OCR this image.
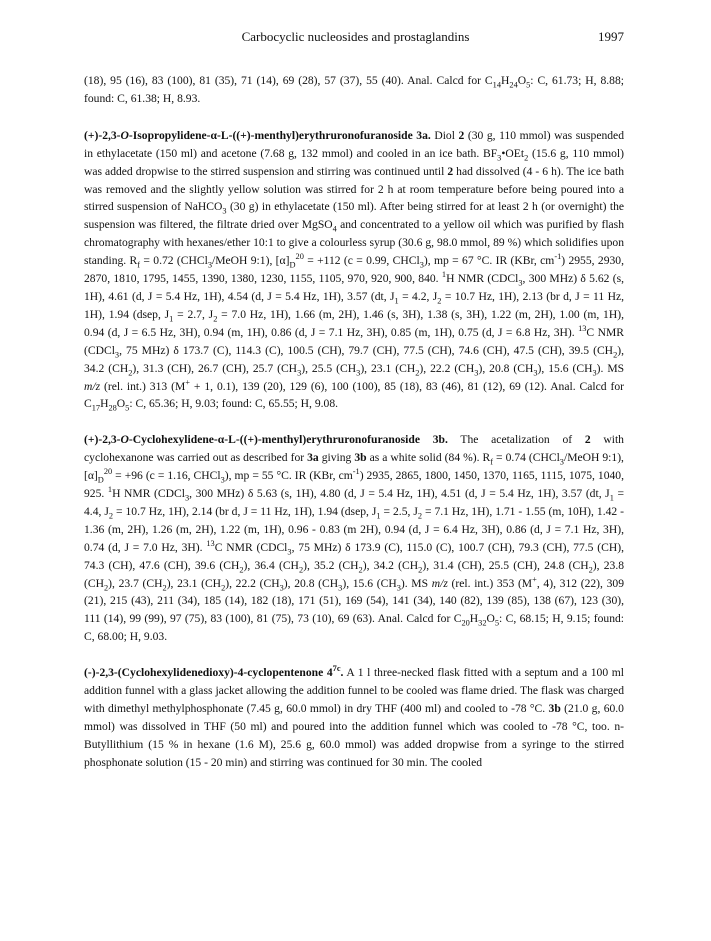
Carbocyclic nucleosides and prostaglandins	1997

(18), 95 (16), 83 (100), 81 (35), 71 (14), 69 (28), 57 (37), 55 (40). Anal. Calcd for $C_{14}H_{24}O_5$: C, 61.73; H, 8.88; found: C, 61.38; H, 8.93.

(+)-2,3-O-Isopropylidene-α-L-((+)-menthyl)erythruronofuranoside 3a. Diol 2 (30 g, 110 mmol) was suspended in ethylacetate (150 ml) and acetone (7.68 g, 132 mmol) and cooled in an ice bath. $BF_3•OEt_2$ (15.6 g, 110 mmol) was added dropwise to the stirred suspension and stirring was continued until 2 had dissolved (4 - 6 h). The ice bath was removed and the slightly yellow solution was stirred for 2 h at room temperature before being poured into a stirred suspension of NaHCO$_3$ (30 g) in ethylacetate (150 ml). After being stirred for at least 2 h (or overnight) the suspension was filtered, the filtrate dried over MgSO$_4$ and concentrated to a yellow oil which was purified by flash chromatography with hexanes/ether 10:1 to give a colourless syrup (30.6 g, 98.0 mmol, 89 %) which solidifies upon standing. $R_f = 0.72$ (CHCl$_3$/MeOH 9:1), $[\alpha]_D^{20} = +112$ (c = 0.99, CHCl$_3$), mp = 67 °C. IR (KBr, $cm^{-1}$) 2955, 2930, 2870, 1810, 1795, 1455, 1390, 1380, 1230, 1155, 1105, 970, 920, 900, 840. $^1$H NMR (CDCl$_3$, 300 MHz) δ 5.62 (s, 1H), 4.61 (d, J = 5.4 Hz, 1H), 4.54 (d, J = 5.4 Hz, 1H), 3.57 (dt, $J_1 = 4.2$, $J_2 = 10.7$ Hz, 1H), 2.13 (br d, J = 11 Hz, 1H), 1.94 (dsep, $J_1 = 2.7$, $J_2 = 7.0$ Hz, 1H), 1.66 (m, 2H), 1.46 (s, 3H), 1.38 (s, 3H), 1.22 (m, 2H), 1.00 (m, 1H), 0.94 (d, J = 6.5 Hz, 3H), 0.94 (m, 1H), 0.86 (d, J = 7.1 Hz, 3H), 0.85 (m, 1H), 0.75 (d, J = 6.8 Hz, 3H). $^{13}$C NMR (CDCl$_3$, 75 MHz) δ 173.7 (C), 114.3 (C), 100.5 (CH), 79.7 (CH), 77.5 (CH), 74.6 (CH), 47.5 (CH), 39.5 $(CH_2)$, 34.2 $(CH_2)$, 31.3 (CH), 26.7 (CH), 25.7 $(CH_3)$, 25.5 $(CH_3)$, 23.1 $(CH_2)$, 22.2 $(CH_3)$, 20.8 $(CH_3)$, 15.6 $(CH_3)$. MS m/z (rel. int.) 313 (M+ + 1, 0.1), 139 (20), 129 (6), 100 (100), 85 (18), 83 (46), 81 (12), 69 (12). Anal. Calcd for $C_{17}H_{28}O_5$: C, 65.36; H, 9.03; found: C, 65.55; H, 9.08.

(+)-2,3-O-Cyclohexylidene-α-L-((+)-menthyl)erythruronofuranoside 3b. The acetalization of 2 with cyclohexanone was carried out as described for 3a giving 3b as a white solid (84 %). $R_f = 0.74$ (CHCl$_3$/MeOH 9:1), $[\alpha]_D^{20} = +96$ (c = 1.16, CHCl$_3$), mp = 55 °C. IR (KBr, $cm^{-1}$) 2935, 2865, 1800, 1450, 1370, 1165, 1115, 1075, 1040, 925. $^1$H NMR (CDCl$_3$, 300 MHz) δ 5.63 (s, 1H), 4.80 (d, J = 5.4 Hz, 1H), 4.51 (d, J = 5.4 Hz, 1H), 3.57 (dt, $J_1 = 4.4$, $J_2 = 10.7$ Hz, 1H), 2.14 (br d, J = 11 Hz, 1H), 1.94 (dsep, $J_1 = 2.5$, $J_2 = 7.1$ Hz, 1H), 1.71 - 1.55 (m, 10H), 1.42 - 1.36 (m, 2H), 1.26 (m, 2H), 1.22 (m, 1H), 0.96 - 0.83 (m 2H), 0.94 (d, J = 6.4 Hz, 3H), 0.86 (d, J = 7.1 Hz, 3H), 0.74 (d, J = 7.0 Hz, 3H). $^{13}$C NMR (CDCl$_3$, 75 MHz) δ 173.9 (C), 115.0 (C), 100.7 (CH), 79.3 (CH), 77.5 (CH), 74.3 (CH), 47.6 (CH), 39.6 $(CH_2)$, 36.4 $(CH_2)$, 35.2 $(CH_2)$, 34.2 $(CH_2)$, 31.4 (CH), 25.5 (CH), 24.8 $(CH_2)$, 23.8 $(CH_2)$, 23.7 $(CH_2)$, 23.1 $(CH_2)$, 22.2 $(CH_3)$, 20.8 $(CH_3)$, 15.6 $(CH_3)$. MS m/z (rel. int.) 353 (M+, 4), 312 (22), 309 (21), 215 (43), 211 (34), 185 (14), 182 (18), 171 (51), 169 (54), 141 (34), 140 (82), 139 (85), 138 (67), 123 (30), 111 (14), 99 (99), 97 (75), 83 (100), 81 (75), 73 (10), 69 (63). Anal. Calcd for $C_{20}H_{32}O_5$: C, 68.15; H, 9.15; found: C, 68.00; H, 9.03.

(-)-2,3-(Cyclohexylidenedioxy)-4-cyclopentenone $4^{7c}$. A 1 l three-necked flask fitted with a septum and a 100 ml addition funnel with a glass jacket allowing the addition funnel to be cooled was flame dried. The flask was charged with dimethyl methylphosphonate (7.45 g, 60.0 mmol) in dry THF (400 ml) and cooled to -78 °C. 3b (21.0 g, 60.0 mmol) was dissolved in THF (50 ml) and poured into the addition funnel which was cooled to -78 °C, too. n-Butyllithium (15 % in hexane (1.6 M), 25.6 g, 60.0 mmol) was added dropwise from a syringe to the stirred phosphonate solution (15 - 20 min) and stirring was continued for 30 min. The cooled
